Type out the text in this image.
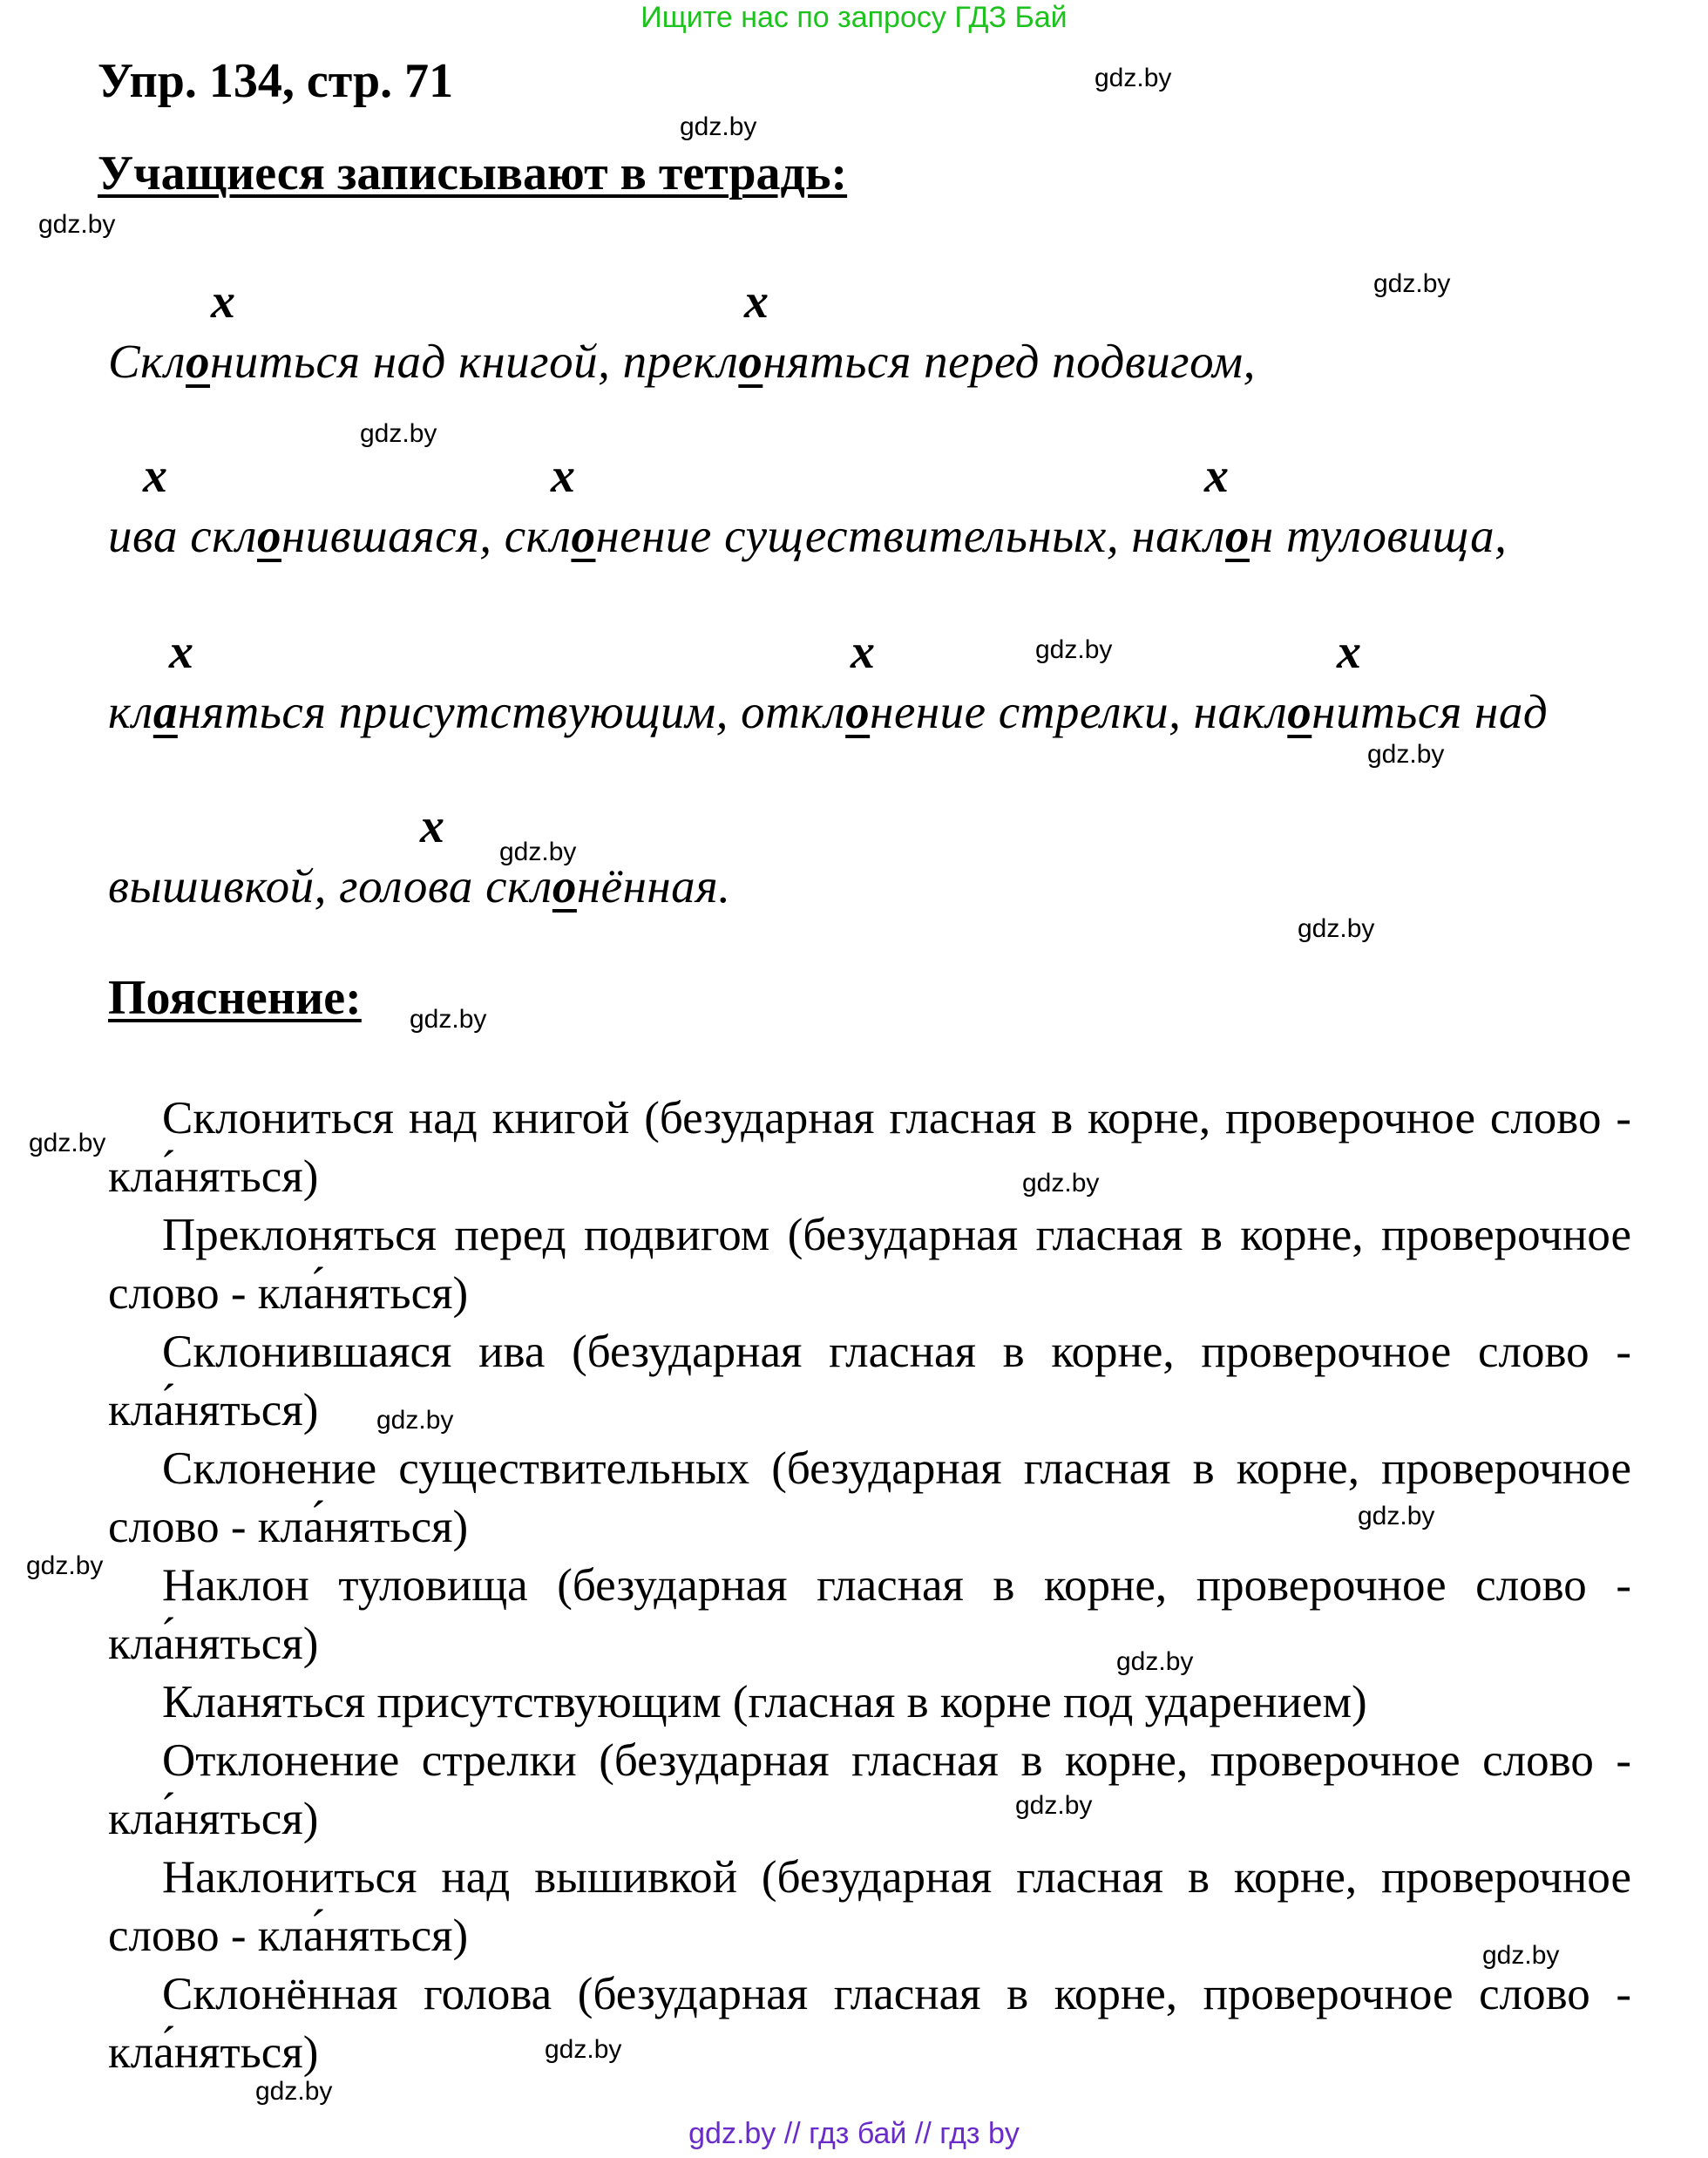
Ищите нас по запросу ГДЗ Бай
Упр. 134, стр. 71
Учащиеся записывают в тетрадь:
gdz.by
gdz.by
gdz.by
gdz.by
gdz.by
gdz.by
gdz.by
gdz.by
gdz.by
gdz.by
gdz.by
gdz.by
gdz.by
gdz.by
gdz.by
gdz.by
gdz.by
gdz.by
gdz.by
gdz.by
x	x
x	x	x
x	x	x
x
Склониться над книгой, преклоняться перед подвигом,
ива склонившаяся, склонение существительных, наклон туловища,
кланяться присутствующим, отклонение стрелки, наклониться над
вышивкой, голова склонённая.
Пояснение:
Склониться над книгой (безударная гласная в корне, проверочное слово - кла́няться)
Преклоняться перед подвигом (безударная гласная в корне, проверочное слово - кла́няться)
Склонившаяся ива (безударная гласная в корне, проверочное слово - кла́няться)
Склонение существительных (безударная гласная в корне, проверочное слово - кла́няться)
Наклон туловища (безударная гласная в корне, проверочное слово - кла́няться)
Кланяться присутствующим (гласная в корне под ударением)
Отклонение стрелки (безударная гласная в корне, проверочное слово - кла́няться)
Наклониться над вышивкой (безударная гласная в корне, проверочное слово - кла́няться)
Склонённая голова (безударная гласная в корне, проверочное слово - кла́няться)
gdz.by // гдз бай // гдз by
